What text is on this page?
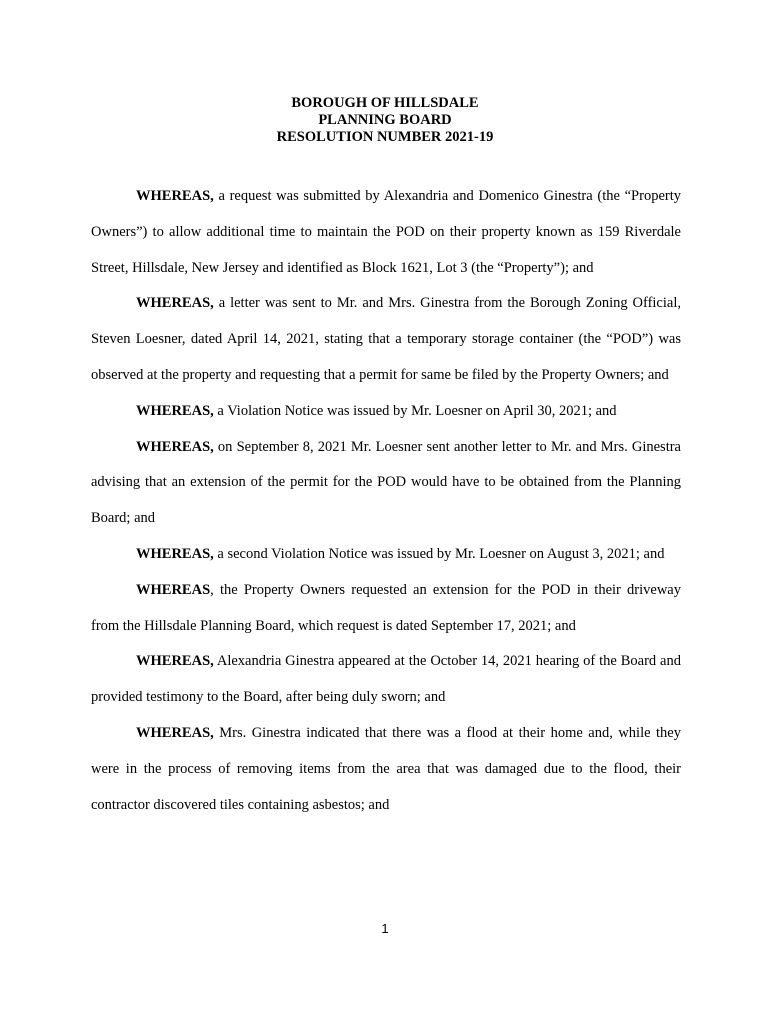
BOROUGH OF HILLSDALE
PLANNING BOARD
RESOLUTION NUMBER 2021-19

WHEREAS, a request was submitted by Alexandria and Domenico Ginestra (the “Property Owners”) to allow additional time to maintain the POD on their property known as 159 Riverdale Street, Hillsdale, New Jersey and identified as Block 1621, Lot 3 (the “Property”); and

WHEREAS, a letter was sent to Mr. and Mrs. Ginestra from the Borough Zoning Official, Steven Loesner, dated April 14, 2021, stating that a temporary storage container (the “POD”) was observed at the property and requesting that a permit for same be filed by the Property Owners; and

WHEREAS, a Violation Notice was issued by Mr. Loesner on April 30, 2021; and

WHEREAS, on September 8, 2021 Mr. Loesner sent another letter to Mr. and Mrs. Ginestra advising that an extension of the permit for the POD would have to be obtained from the Planning Board; and

WHEREAS, a second Violation Notice was issued by Mr. Loesner on August 3, 2021; and

WHEREAS, the Property Owners requested an extension for the POD in their driveway from the Hillsdale Planning Board, which request is dated September 17, 2021; and

WHEREAS, Alexandria Ginestra appeared at the October 14, 2021 hearing of the Board and provided testimony to the Board, after being duly sworn; and

WHEREAS, Mrs. Ginestra indicated that there was a flood at their home and, while they were in the process of removing items from the area that was damaged due to the flood, their contractor discovered tiles containing asbestos; and

1
